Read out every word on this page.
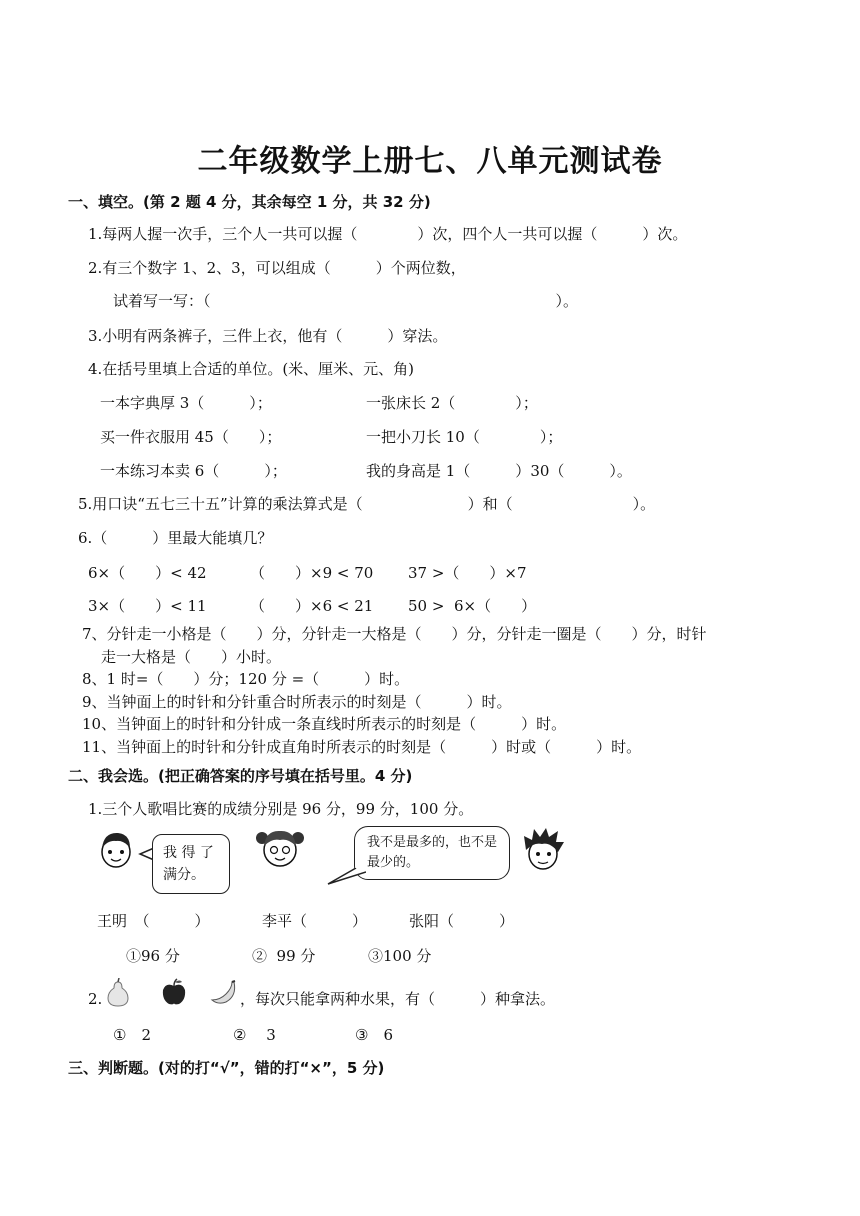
二年级数学上册七、八单元测试卷
一、填空。(第 2 题 4 分，其余每空 1 分，共 32 分)
1.每两人握一次手，三个人一共可以握（　　　　）次，四个人一共可以握（　　　）次。
2.有三个数字 1、2、3，可以组成（　　　）个两位数，
试着写一写：（　　　　　　　　　　　　　　　　　　　　　　　）。
3.小明有两条裤子，三件上衣，他有（　　　）穿法。
4.在括号里填上合适的单位。(米、厘米、元、角)
一本字典厚 3（　　　）；	一张床长 2（　　　　）；
买一件衣服用 45（　　）；	一把小刀长 10（　　　　）；
一本练习本卖 6（　　　）；	我的身高是 1（　　　）30（　　　）。
5.用口诀“五七三十五”计算的乘法算式是（　　　　　　　）和（　　　　　　　　）。
6.（　　　）里最大能填几？
6×（　　）< 42	（　　）×9 < 70 37 >（　　）×7
3×（　　）< 11	（　　）×6 < 21 50 >  6×（　　）
7、分针走一小格是（　　）分，分针走一大格是（　　）分，分针走一圈是（　　）分，时针
走一大格是（　　）小时。
8、1 时=（　　）分；120 分 =（　　　）时。
9、当钟面上的时针和分针重合时所表示的时刻是（　　　）时。
10、当钟面上的时针和分针成一条直线时所表示的时刻是（　　　）时。
11、当钟面上的时针和分针成直角时所表示的时刻是（　　　）时或（　　　）时。
二、我会选。(把正确答案的序号填在括号里。4 分)
1.三个人歌唱比赛的成绩分别是 96 分，99 分，100 分。
我 得 了 满分。
我不是最多的，也不是最少的。
王明　（　　　）	李平（　　　）	张阳（　　　）
①96 分	②  99 分	③100 分
2.	，每次只能拿两种水果，有（　　　）种拿法。
①　2	②　 3	③　6
三、判断题。(对的打“√”，错的打“×”，5 分)
